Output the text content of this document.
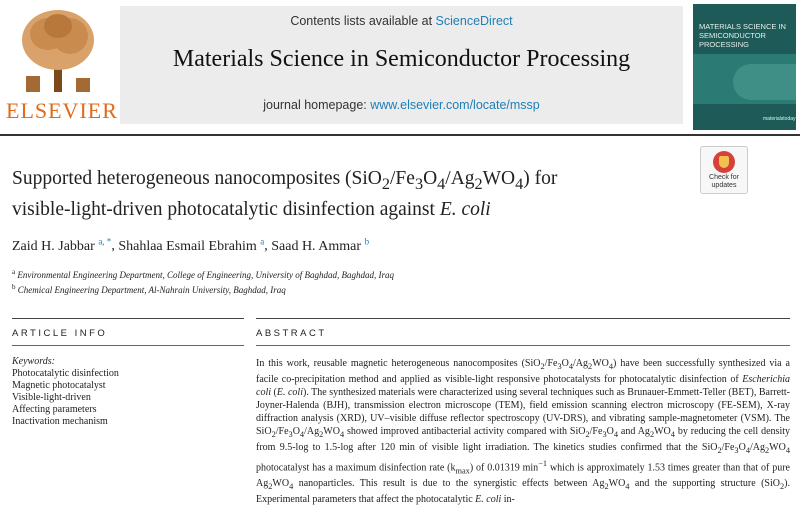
ELSEVIER
Contents lists available at ScienceDirect
Materials Science in Semiconductor Processing
journal homepage: www.elsevier.com/locate/mssp
MATERIALS SCIENCE IN SEMICONDUCTOR PROCESSING
materialstoday
Check for
updates
Supported heterogeneous nanocomposites $(SiO_2/Fe_3O_4/Ag_2WO_4)$ for
visible-light-driven photocatalytic disinfection against E. coli
Zaid H. Jabbar $^{a, *}$, Shahlaa Esmail Ebrahim $^a$, Saad H. Ammar $^b$
$^a$ Environmental Engineering Department, College of Engineering, University of Baghdad, Baghdad, Iraq
$^b$ Chemical Engineering Department, Al-Nahrain University, Baghdad, Iraq
ARTICLE INFO	ABSTRACT
Keywords:
Photocatalytic disinfection
Magnetic photocatalyst
Visible-light-driven
Affecting parameters
Inactivation mechanism

In this work, reusable magnetic heterogeneous nanocomposites $(SiO_2/Fe_3O_4/Ag_2WO_4)$ have been successfully synthesized via a facile co-precipitation method and applied as visible-light responsive photocatalysts for photocatalytic disinfection of Escherichia coli (E. coli). The synthesized materials were characterized using several techniques such as Brunauer-Emmett-Teller (BET), Barrett-Joyner-Halenda (BJH), transmission electron microscope (TEM), field emission scanning electron microscopy (FE-SEM), X-ray diffraction analysis (XRD), UV–visible diffuse reflector spectroscopy (UV-DRS), and vibrating sample-magnetometer (VSM). The $SiO_2/Fe_3O_4/Ag_2WO_4$ showed improved antibacterial activity compared with $SiO_2/Fe_3O_4$ and $Ag_2WO_4$ by reducing the cell density from 9.5-log to 1.5-log after 120 min of visible light irradiation. The kinetics studies confirmed that the $SiO_2/Fe_3O_4/Ag_2WO_4$ photocatalyst has a maximum disinfection rate $(k_{max})$ of 0.01319 $\min^{-1}$ which is approximately 1.53 times greater than that of pure $Ag_2WO_4$ nanoparticles. This result is due to the synergistic effects between $Ag_2WO_4$ and the supporting structure (SiO$_2$). Experimental parameters that affect the photocatalytic E. coli in-
